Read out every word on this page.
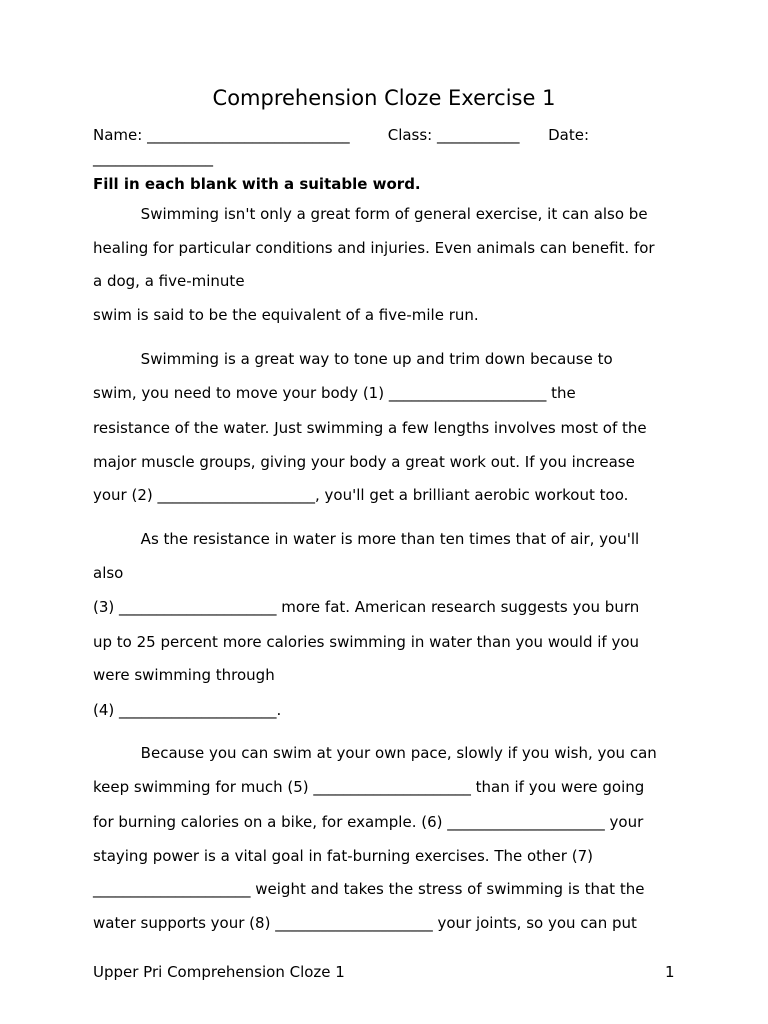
Comprehension Cloze Exercise 1
Name: ___________________________        Class: ___________      Date:
________________
Fill in each blank with a suitable word.
Swimming isn't only a great form of general exercise, it can also be
healing for particular conditions and injuries. Even animals can benefit. for
a dog, a five-minute
swim is said to be the equivalent of a five-mile run.
Swimming is a great way to tone up and trim down because to
swim, you need to move your body (1) _____________________ the
resistance of the water. Just swimming a few lengths involves most of the
major muscle groups, giving your body a great work out. If you increase
your (2) _____________________, you'll get a brilliant aerobic workout too.
As the resistance in water is more than ten times that of air, you'll
also
(3) _____________________ more fat. American research suggests you burn
up to 25 percent more calories swimming in water than you would if you
were swimming through
(4) _____________________.
Because you can swim at your own pace, slowly if you wish, you can
keep swimming for much (5) _____________________ than if you were going
for burning calories on a bike, for example. (6) _____________________ your
staying power is a vital goal in fat-burning exercises. The other (7)
_____________________ weight and takes the stress of swimming is that the
water supports your (8) _____________________ your joints, so you can put
Upper Pri Comprehension Cloze 1	1
